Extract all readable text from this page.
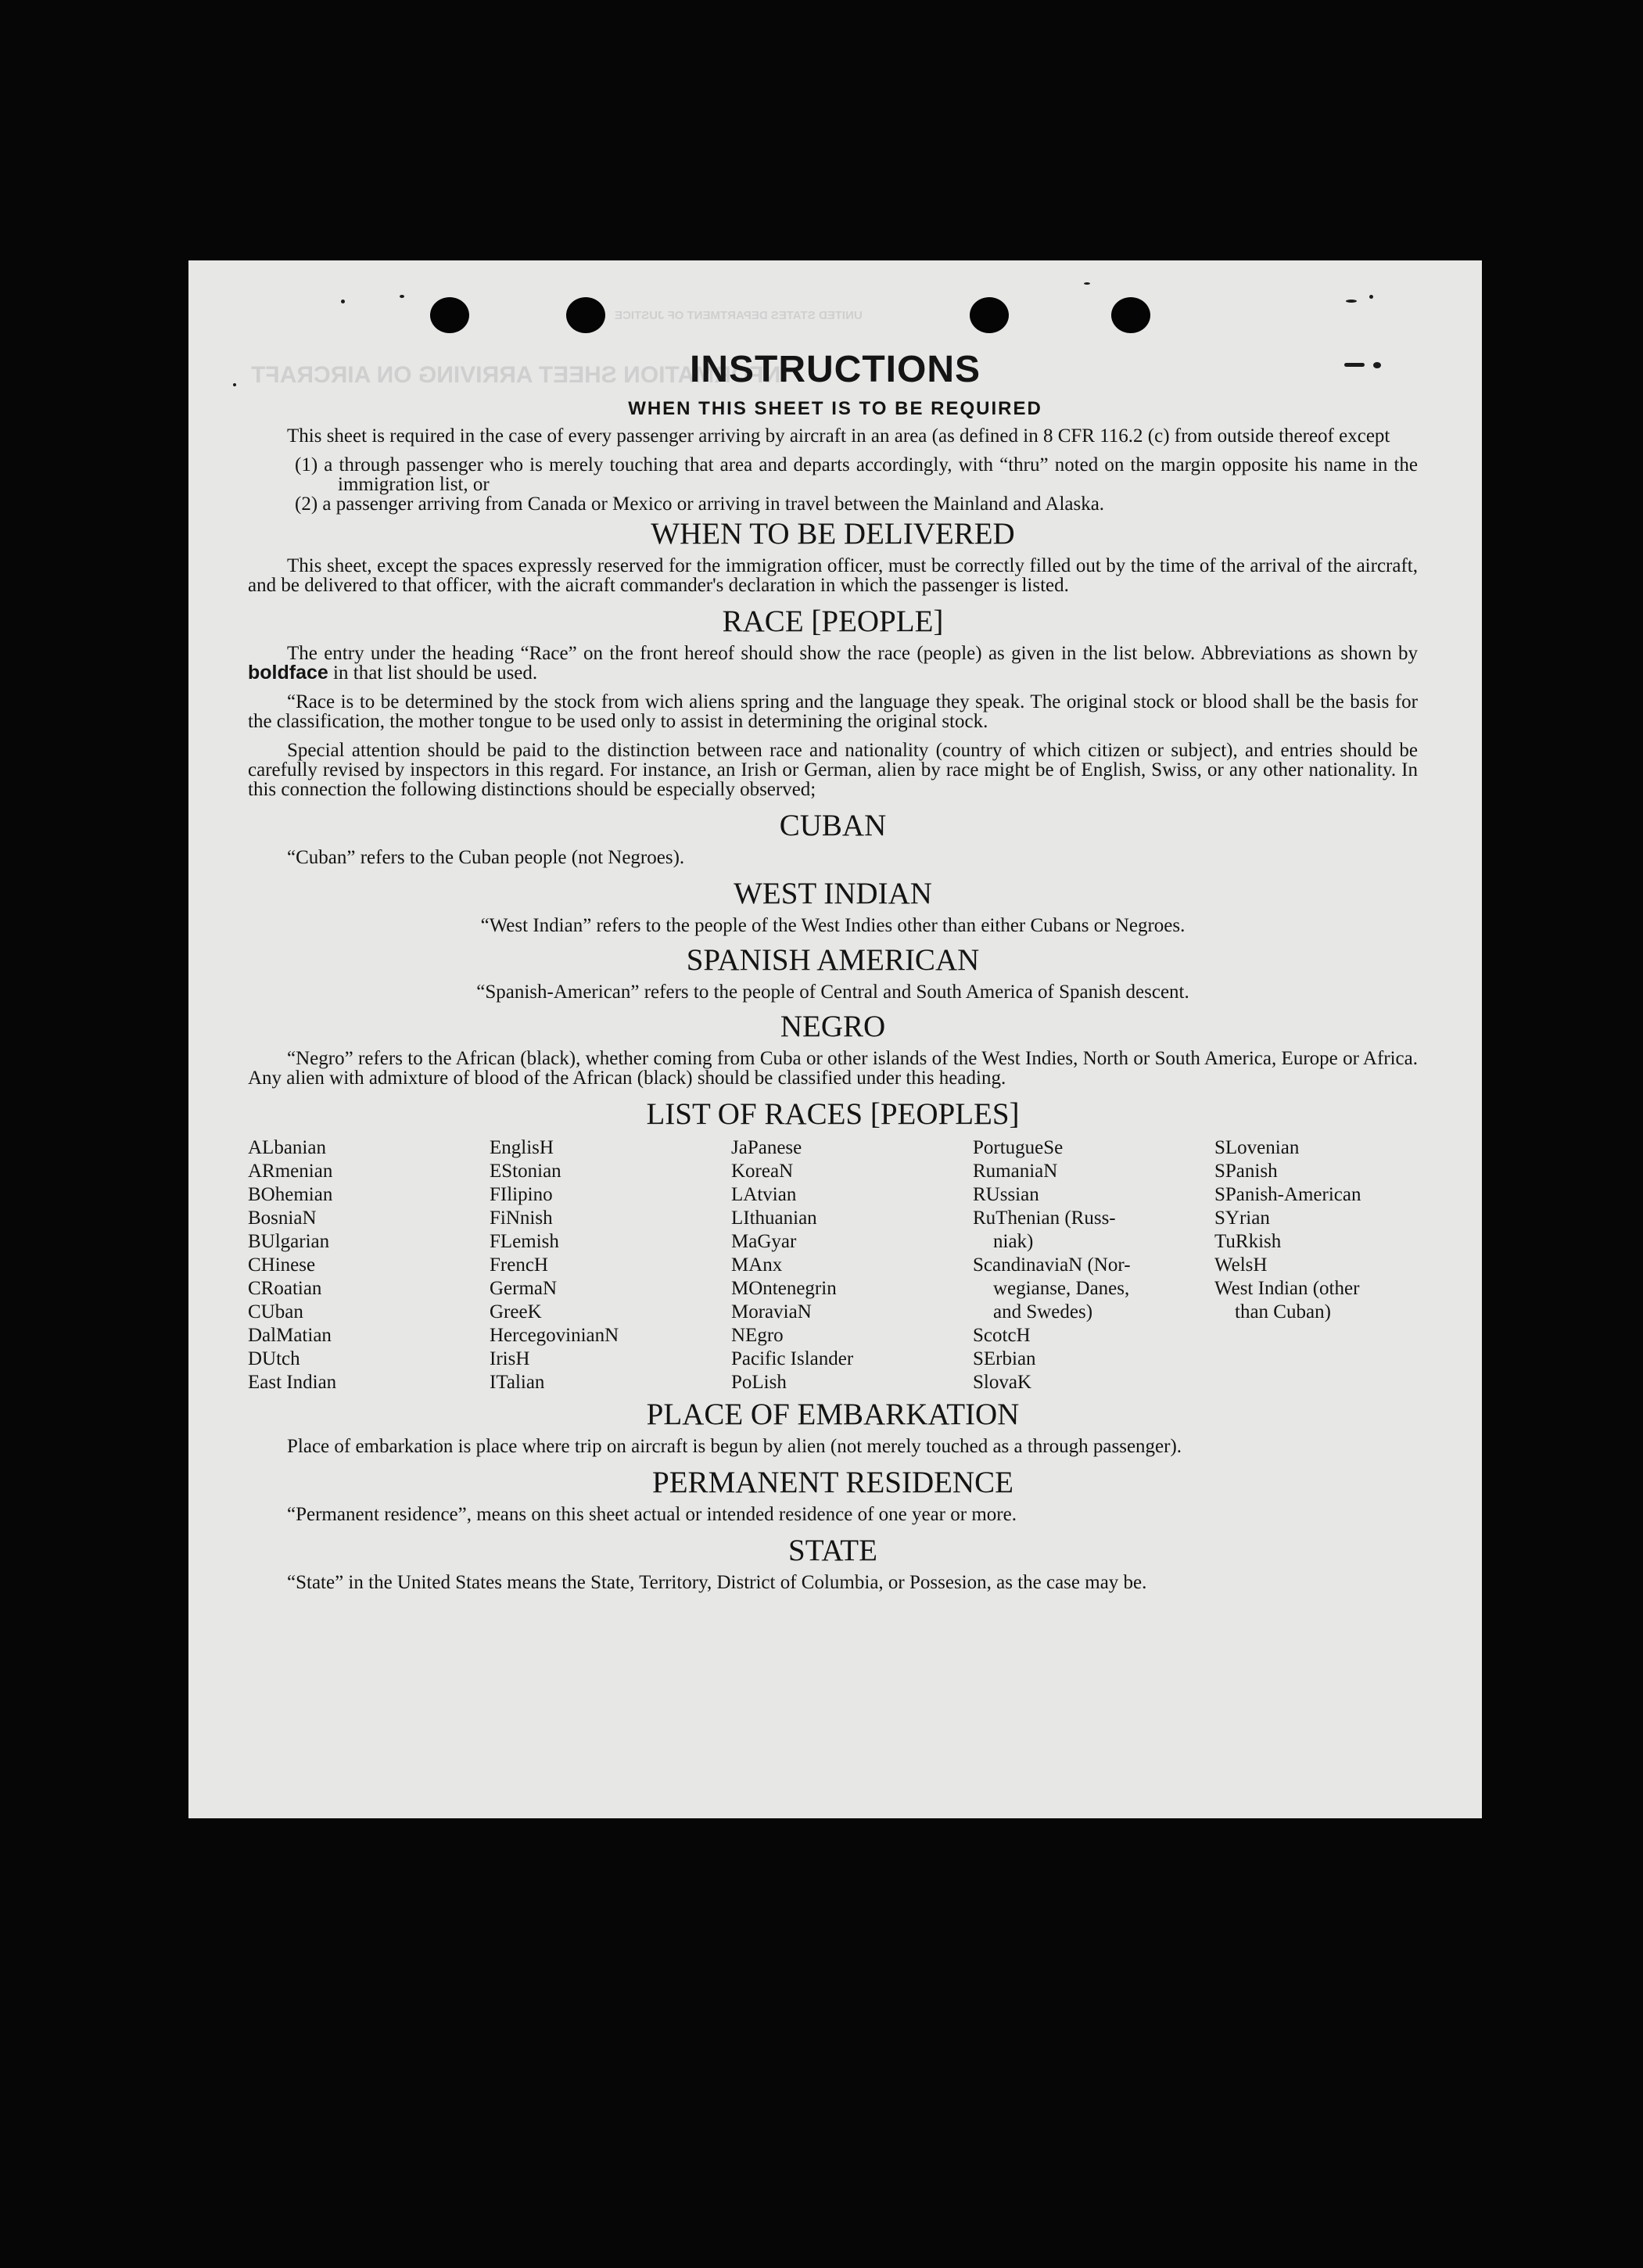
UNITED STATES DEPARTMENT OF JUSTICE
INFORMATION SHEET ARRIVING ON AIRCRAFT
INSTRUCTIONS
WHEN THIS SHEET IS TO BE REQUIRED

This sheet is required in the case of every passenger arriving by aircraft in an area (as defined in 8 CFR 116.2 (c) from outside thereof except

(1) a through passenger who is merely touching that area and departs accordingly, with “thru” noted on the margin opposite his name in the immigration list, or

(2) a passenger arriving from Canada or Mexico or arriving in travel between the Mainland and Alaska.

WHEN TO BE DELIVERED

This sheet, except the spaces expressly reserved for the immigration officer, must be correctly filled out by the time of the arrival of the aircraft, and be delivered to that officer, with the aicraft commander's declaration in which the passenger is listed.

RACE [PEOPLE]

The entry under the heading “Race” on the front hereof should show the race (people) as given in the list below. Abbreviations as shown by boldface in that list should be used.

“Race is to be determined by the stock from wich aliens spring and the language they speak. The original stock or blood shall be the basis for the classification, the mother tongue to be used only to assist in determining the original stock.

Special attention should be paid to the distinction between race and nationality (country of which citizen or subject), and entries should be carefully revised by inspectors in this regard. For instance, an Irish or German, alien by race might be of English, Swiss, or any other nationality. In this connection the following distinctions should be especially observed;

CUBAN

“Cuban” refers to the Cuban people (not Negroes).

WEST INDIAN

“West Indian” refers to the people of the West Indies other than either Cubans or Negroes.

SPANISH AMERICAN

“Spanish-American” refers to the people of Central and South America of Spanish descent.

NEGRO

“Negro” refers to the African (black), whether coming from Cuba or other islands of the West Indies, North or South America, Europe or Africa. Any alien with admixture of blood of the African (black) should be classified under this heading.

LIST OF RACES [PEOPLES]
ALbanian
ARmenian
BOhemian
BosniaN
BUlgarian
CHinese
CRoatian
CUban
DalMatian
DUtch
East Indian
EnglisH
EStonian
FIlipino
FiNnish
FLemish
FrencH
GermaN
GreeK
HercegovinianN
IrisH
ITalian
JaPanese
KoreaN
LAtvian
LIthuanian
MaGyar
MAnx
MOntenegrin
MoraviaN
NEgro
Pacific Islander
PoLish
PortugueSe
RumaniaN
RUssian
RuThenian (Russ-
niak)
ScandinaviaN (Nor-
wegianse, Danes,
and Swedes)
ScotcH
SErbian
SlovaK
SLovenian
SPanish
SPanish-American
SYrian
TuRkish
WelsH
West Indian (other
than Cuban)
PLACE OF EMBARKATION

Place of embarkation is place where trip on aircraft is begun by alien (not merely touched as a through passenger).

PERMANENT RESIDENCE

“Permanent residence”, means on this sheet actual or intended residence of one year or more.

STATE

“State” in the United States means the State, Territory, District of Columbia, or Possesion, as the case may be.
